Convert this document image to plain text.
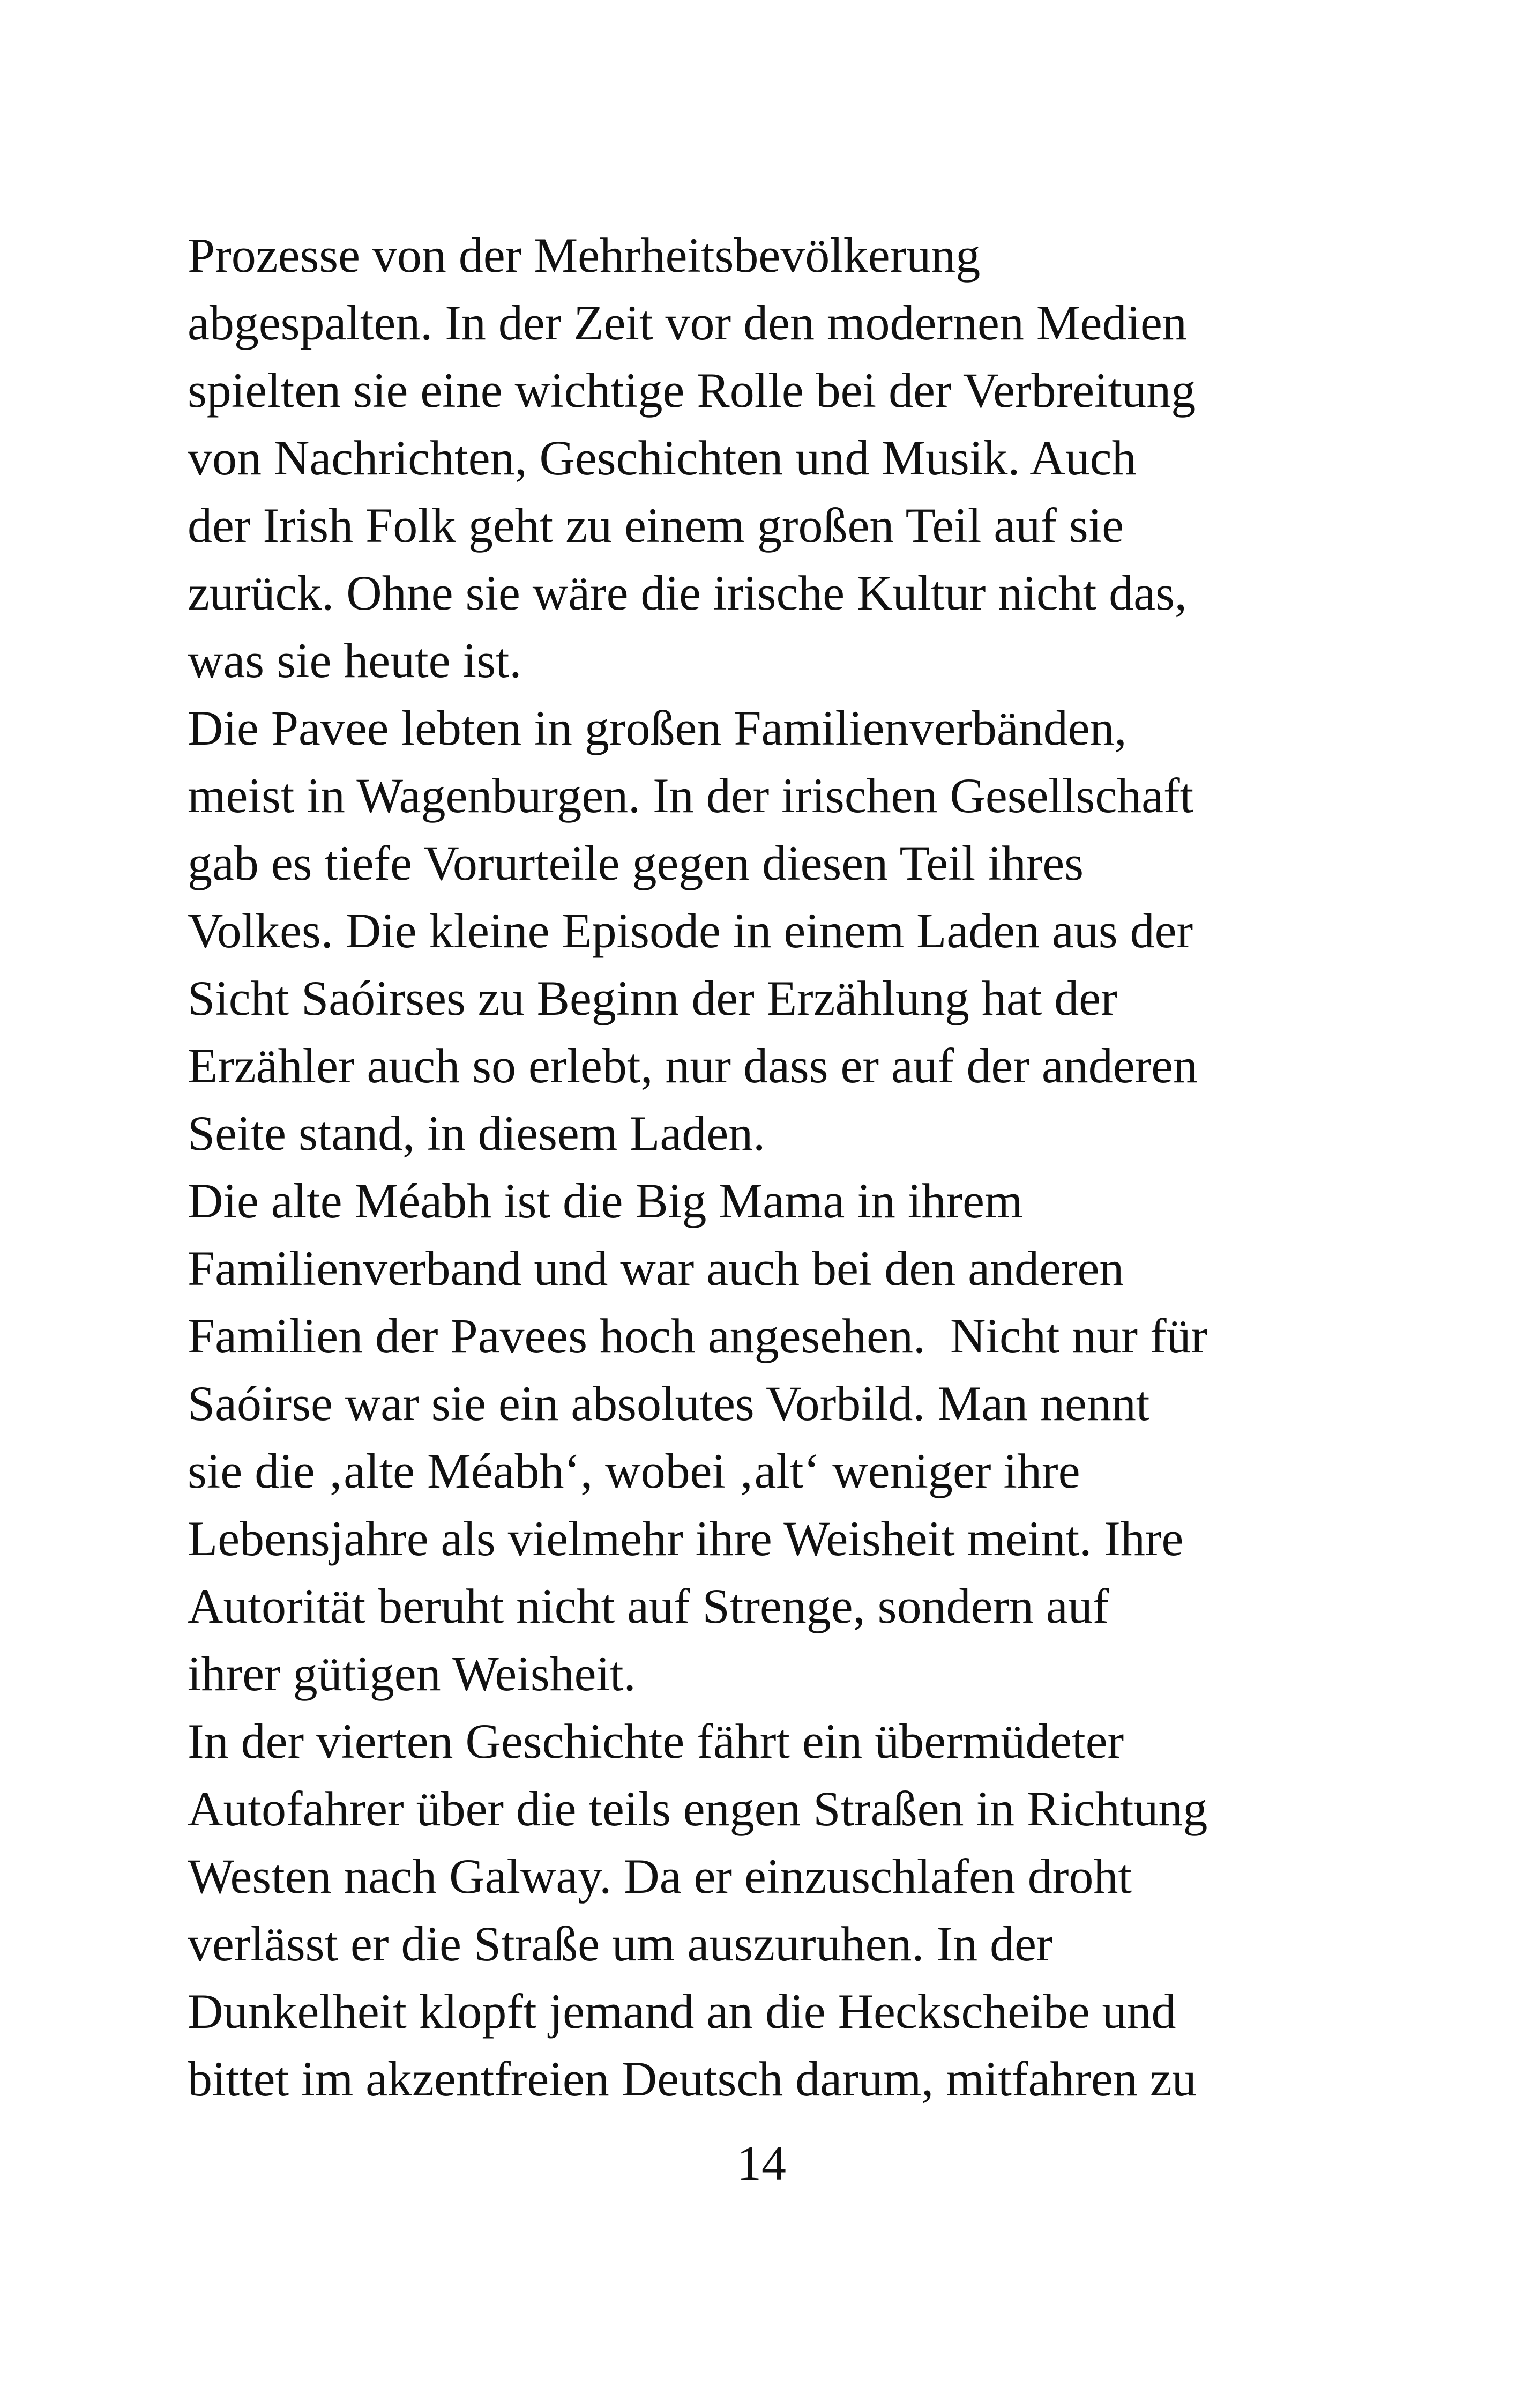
Prozesse von der Mehrheitsbevölkerung
abgespalten. In der Zeit vor den modernen Medien
spielten sie eine wichtige Rolle bei der Verbreitung
von Nachrichten, Geschichten und Musik. Auch
der Irish Folk geht zu einem großen Teil auf sie
zurück. Ohne sie wäre die irische Kultur nicht das,
was sie heute ist.
Die Pavee lebten in großen Familienverbänden,
meist in Wagenburgen. In der irischen Gesellschaft
gab es tiefe Vorurteile gegen diesen Teil ihres
Volkes. Die kleine Episode in einem Laden aus der
Sicht Saóirses zu Beginn der Erzählung hat der
Erzähler auch so erlebt, nur dass er auf der anderen
Seite stand, in diesem Laden.
Die alte Méabh ist die Big Mama in ihrem
Familienverband und war auch bei den anderen
Familien der Pavees hoch angesehen.  Nicht nur für
Saóirse war sie ein absolutes Vorbild. Man nennt
sie die ‚alte Méabh‘, wobei ‚alt‘ weniger ihre
Lebensjahre als vielmehr ihre Weisheit meint. Ihre
Autorität beruht nicht auf Strenge, sondern auf
ihrer gütigen Weisheit.
In der vierten Geschichte fährt ein übermüdeter
Autofahrer über die teils engen Straßen in Richtung
Westen nach Galway. Da er einzuschlafen droht
verlässt er die Straße um auszuruhen. In der
Dunkelheit klopft jemand an die Heckscheibe und
bittet im akzentfreien Deutsch darum, mitfahren zu
14
